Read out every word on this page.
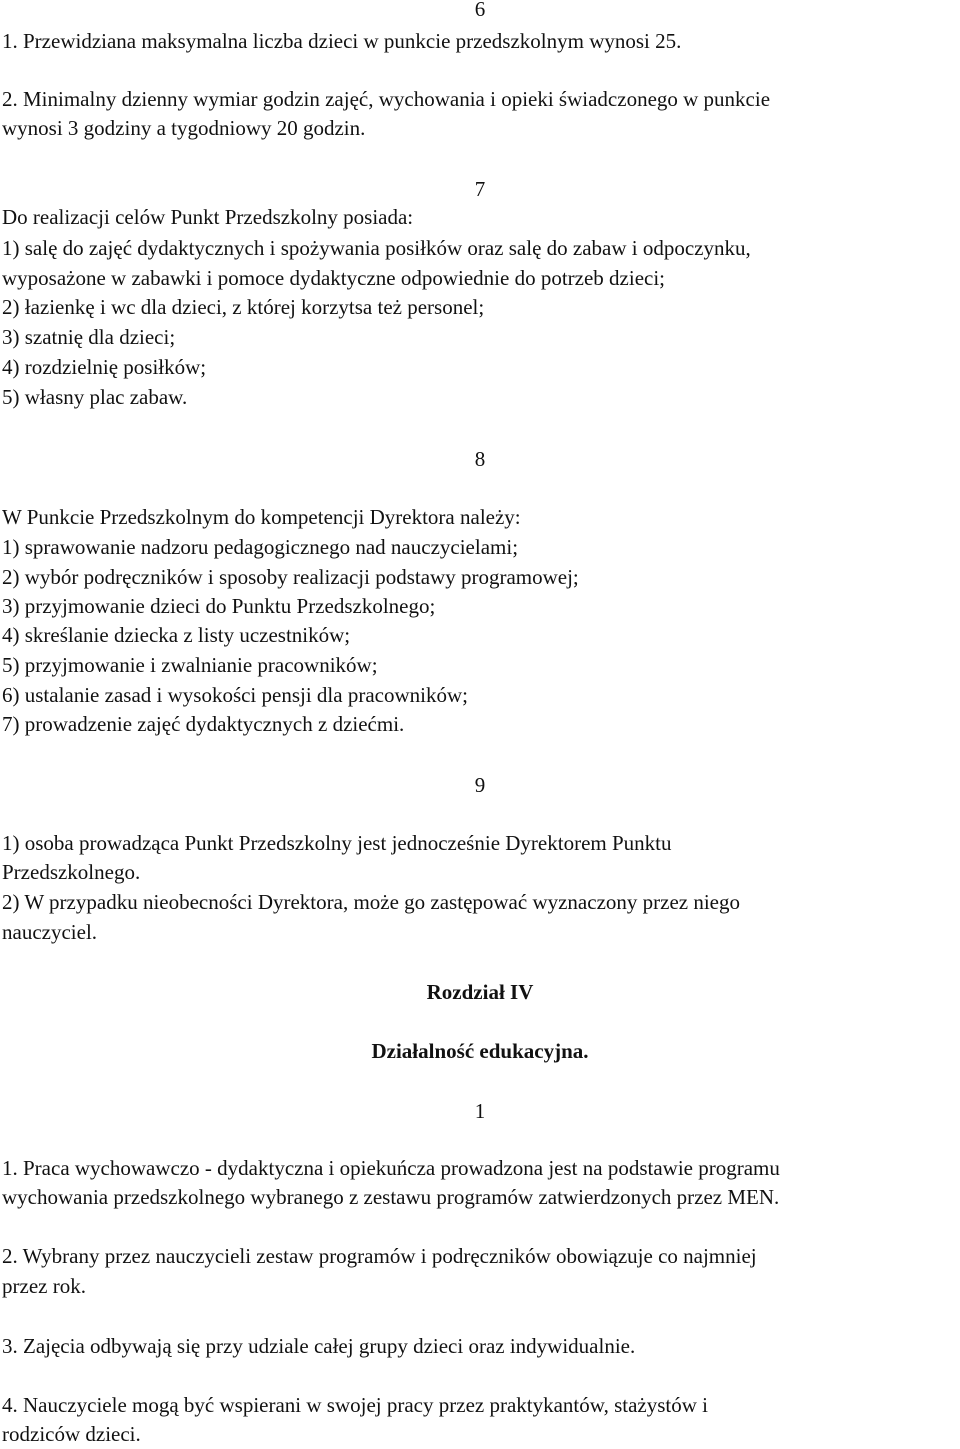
6
1. Przewidziana maksymalna liczba dzieci w punkcie przedszkolnym wynosi 25.
2. Minimalny dzienny wymiar godzin zajęć, wychowania i opieki świadczonego w punkcie
wynosi 3 godziny a tygodniowy 20 godzin.
7
Do realizacji celów Punkt Przedszkolny posiada:
1) salę do zajęć dydaktycznych i spożywania posiłków oraz salę do zabaw i odpoczynku,
wyposażone w zabawki i pomoce dydaktyczne odpowiednie do potrzeb dzieci;
2) łazienkę i wc dla dzieci, z której korzytsa też personel;
3) szatnię dla dzieci;
4) rozdzielnię posiłków;
5) własny plac zabaw.
8
W Punkcie Przedszkolnym do kompetencji Dyrektora należy:
1) sprawowanie nadzoru pedagogicznego nad nauczycielami;
2) wybór podręczników i sposoby realizacji podstawy programowej;
3) przyjmowanie dzieci do Punktu Przedszkolnego;
4) skreślanie dziecka z listy uczestników;
5) przyjmowanie i zwalnianie pracowników;
6) ustalanie zasad i wysokości pensji dla pracowników;
7) prowadzenie zajęć dydaktycznych z dziećmi.
9
1) osoba prowadząca Punkt Przedszkolny jest jednocześnie Dyrektorem Punktu
Przedszkolnego.
2) W przypadku nieobecności Dyrektora, może go zastępować wyznaczony przez niego
nauczyciel.
Rozdział IV
Działalność edukacyjna.
1
1. Praca wychowawczo - dydaktyczna i opiekuńcza prowadzona jest na podstawie programu
wychowania przedszkolnego wybranego z zestawu programów zatwierdzonych przez MEN.
2. Wybrany przez nauczycieli zestaw programów i podręczników obowiązuje co najmniej
przez rok.
3. Zajęcia odbywają się przy udziale całej grupy dzieci oraz indywidualnie.
4. Nauczyciele mogą być wspierani w swojej pracy przez praktykantów, stażystów i
rodziców dzieci.
